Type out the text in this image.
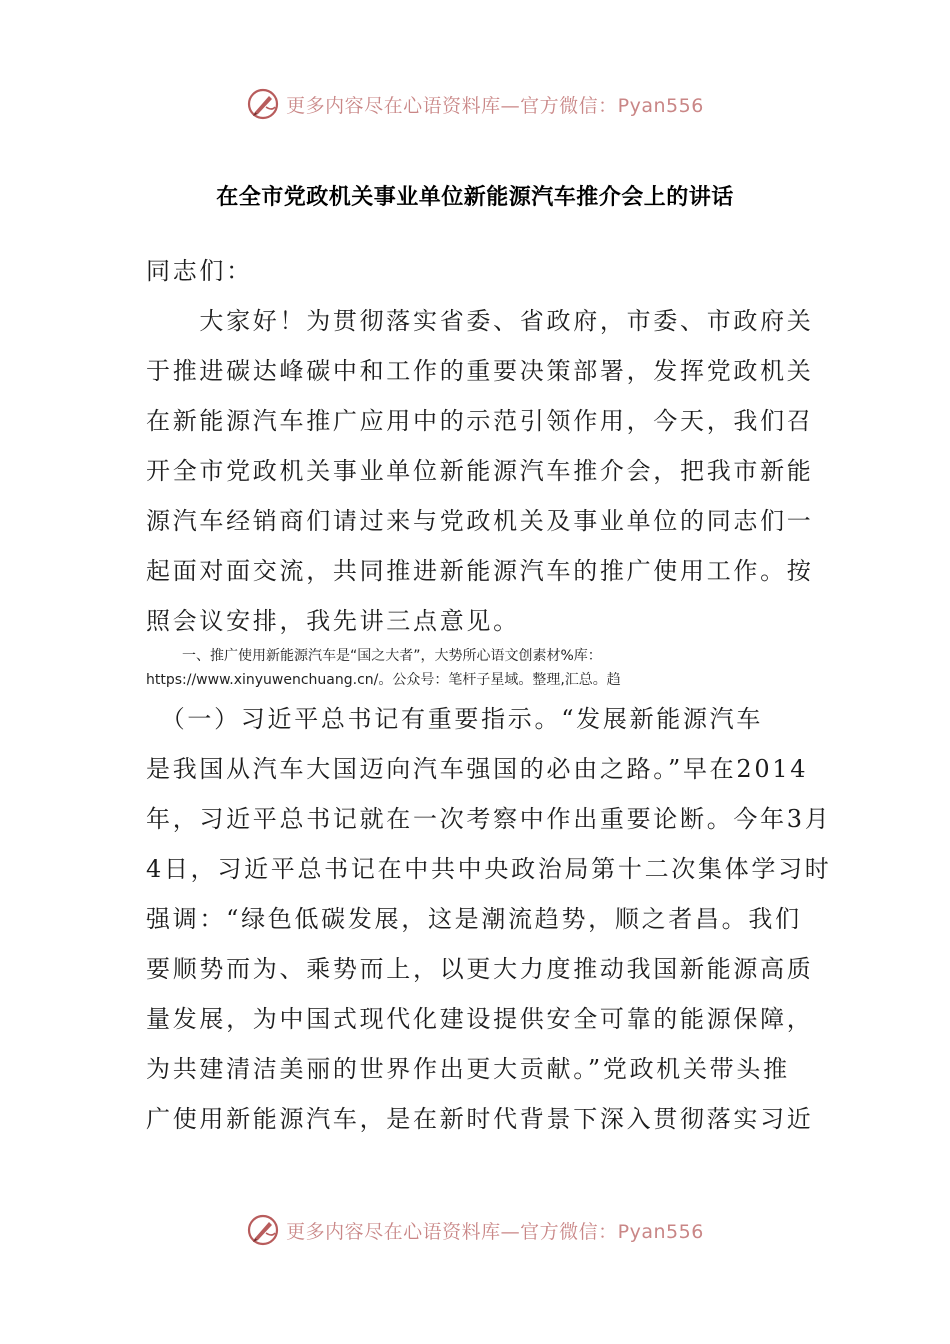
更多内容尽在心语资料库—官方微信：Pyan556
在全市党政机关事业单位新能源汽车推介会上的讲话
同志们：
　　大家好！为贯彻落实省委、省政府，市委、市政府关
于推进碳达峰碳中和工作的重要决策部署，发挥党政机关
在新能源汽车推广应用中的示范引领作用，今天，我们召
开全市党政机关事业单位新能源汽车推介会，把我市新能
源汽车经销商们请过来与党政机关及事业单位的同志们一
起面对面交流，共同推进新能源汽车的推广使用工作。按
照会议安排，我先讲三点意见。
一、推广使用新能源汽车是“国之大者”，大势所心语文创素材%库：
https://www.xinyuwenchuang.cn/。公众号：笔杆子星域。整理,汇总。趋
　（一）习近平总书记有重要指示。“发展新能源汽车
是我国从汽车大国迈向汽车强国的必由之路。”早在2014
年，习近平总书记就在一次考察中作出重要论断。今年3月
4日，习近平总书记在中共中央政治局第十二次集体学习时
强调：“绿色低碳发展，这是潮流趋势，顺之者昌。我们
要顺势而为、乘势而上，以更大力度推动我国新能源高质
量发展，为中国式现代化建设提供安全可靠的能源保障，
为共建清洁美丽的世界作出更大贡献。”党政机关带头推
广使用新能源汽车，是在新时代背景下深入贯彻落实习近
更多内容尽在心语资料库—官方微信：Pyan556
